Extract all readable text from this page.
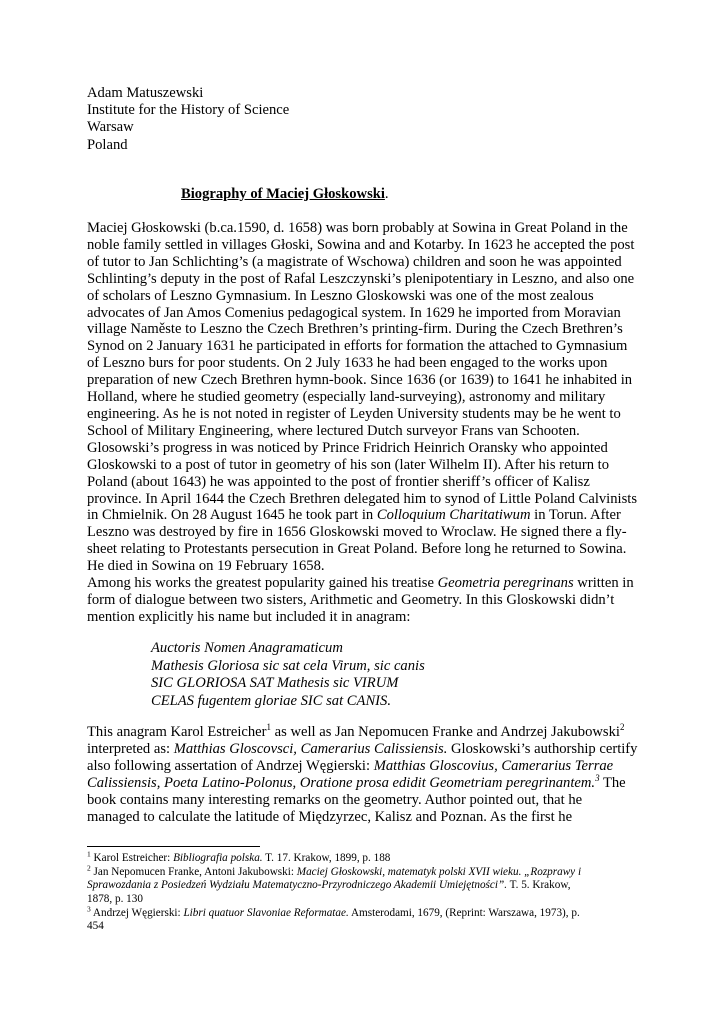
Adam Matuszewski
Institute for the History of Science
Warsaw
Poland
Biography of Maciej Głoskowski.
Maciej Głoskowski (b.ca.1590, d. 1658) was born probably at Sowina in Great Poland in the
noble family settled in villages Głoski, Sowina and and Kotarby. In 1623 he accepted the post
of tutor to Jan Schlichting’s (a magistrate of Wschowa) children and soon he was appointed
Schlinting’s deputy in the post of Rafal Leszczynski’s plenipotentiary in Leszno, and also one
of scholars of Leszno Gymnasium. In Leszno Gloskowski was one of the most zealous
advocates of Jan Amos Comenius pedagogical system. In 1629 he imported from Moravian
village Naměste to Leszno the Czech Brethren’s printing-firm. During the Czech Brethren’s
Synod on 2 January 1631 he participated in efforts for formation the attached to Gymnasium
of Leszno burs for poor students. On 2 July 1633 he had been engaged to the works upon
preparation of new Czech Brethren hymn-book. Since 1636 (or 1639) to 1641 he inhabited in
Holland, where he studied geometry (especially land-surveying), astronomy and military
engineering. As he is not noted in register of Leyden University students may be he went to
School of Military Engineering, where lectured Dutch surveyor Frans van Schooten.
Glosowski’s progress in was noticed by Prince Fridrich Heinrich Oransky who appointed
Gloskowski to a post of tutor in geometry of his son (later Wilhelm II). After his return to
Poland (about 1643) he was appointed to the post of frontier sheriff’s officer of Kalisz
province. In April 1644 the Czech Brethren delegated him to synod of Little Poland Calvinists
in Chmielnik. On 28 August 1645 he took part in Colloquium Charitatiwum in Torun. After
Leszno was destroyed by fire in 1656 Gloskowski moved to Wroclaw. He signed there a fly-
sheet relating to Protestants persecution in Great Poland. Before long he returned to Sowina.
He died in Sowina on 19 February 1658.
Among his works the greatest popularity gained his treatise Geometria peregrinans written in
form of dialogue between two sisters, Arithmetic and Geometry. In this Gloskowski didn’t
mention explicitly his name but included it in anagram:
Auctoris Nomen Anagramaticum
Mathesis Gloriosa sic sat cela Virum, sic canis
SIC GLORIOSA SAT Mathesis sic VIRUM
CELAS fugentem gloriae SIC sat CANIS.
This anagram Karol Estreicher$^1$ as well as Jan Nepomucen Franke and Andrzej Jakubowski$^2$
interpreted as: Matthias Gloscovsci, Camerarius Calissiensis. Gloskowski’s authorship certify
also following assertation of Andrzej Węgierski: Matthias Gloscovius, Camerarius Terrae
Calissiensis, Poeta Latino-Polonus, Oratione prosa edidit Geometriam peregrinantem.$^3$ The
book contains many interesting remarks on the geometry. Author pointed out, that he
managed to calculate the latitude of Międzyrzec, Kalisz and Poznan. As the first he
$^1$ Karol Estreicher: Bibliografia polska. T. 17. Krakow, 1899, p. 188
$^2$ Jan Nepomucen Franke, Antoni Jakubowski: Maciej Głoskowski, matematyk polski XVII wieku. „Rozprawy i
Sprawozdania z Posiedzeń Wydziału Matematyczno-Przyrodniczego Akademii Umiejętności”. T. 5. Krakow,
1878, p. 130
$^3$ Andrzej Węgierski: Libri quatuor Slavoniae Reformatae. Amsterodami, 1679, (Reprint: Warszawa, 1973), p.
454
